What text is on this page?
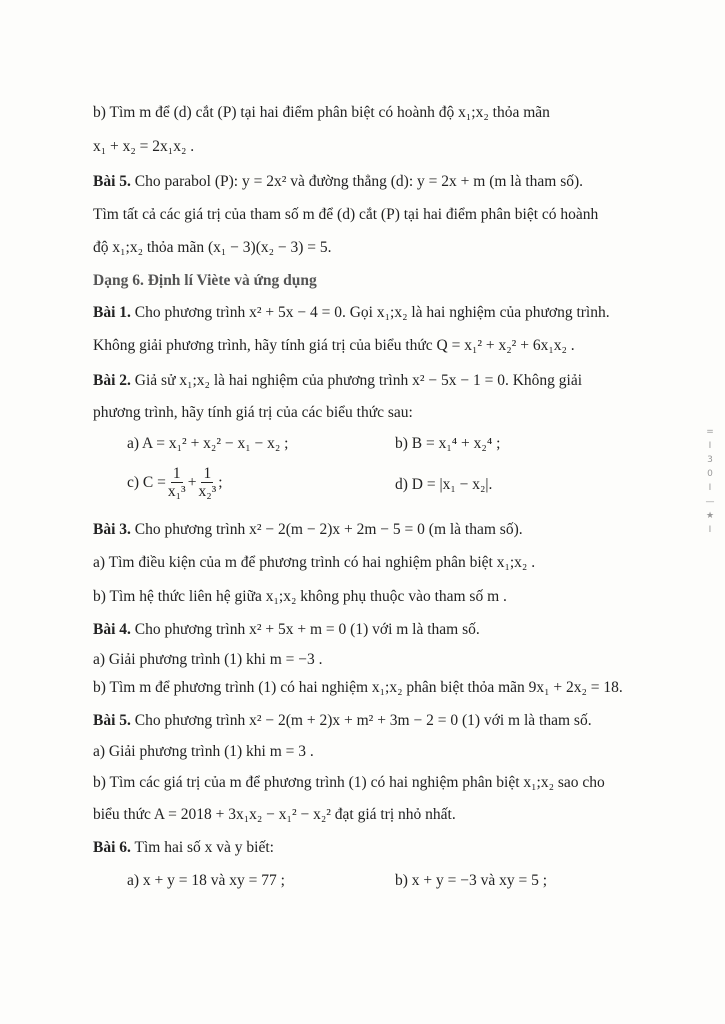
b) Tìm m để (d) cắt (P) tại hai điểm phân biệt có hoành độ x₁;x₂ thỏa mãn
x₁ + x₂ = 2x₁x₂ .
Bài 5. Cho parabol (P): y = 2x² và đường thẳng (d): y = 2x + m (m là tham số).
Tìm tất cả các giá trị của tham số m để (d) cắt (P) tại hai điểm phân biệt có hoành
độ x₁;x₂ thỏa mãn (x₁ − 3)(x₂ − 3) = 5.
Dạng 6. Định lí Viète và ứng dụng
Bài 1. Cho phương trình x² + 5x − 4 = 0. Gọi x₁;x₂ là hai nghiệm của phương trình.
Không giải phương trình, hãy tính giá trị của biểu thức Q = x₁² + x₂² + 6x₁x₂ .
Bài 2. Giả sử x₁;x₂ là hai nghiệm của phương trình x² − 5x − 1 = 0. Không giải
phương trình, hãy tính giá trị của các biểu thức sau:
a) A = x₁² + x₂² − x₁ − x₂ ;	b) B = x₁⁴ + x₂⁴ ;
c) $C = \frac{1}{\text{x₁³}} + \frac{1}{\text{x₂³}}$ ;	d) D = |x₁ − x₂|.
Bài 3. Cho phương trình x² − 2(m − 2)x + 2m − 5 = 0 (m là tham số).
a) Tìm điều kiện của m để phương trình có hai nghiệm phân biệt x₁;x₂ .
b) Tìm hệ thức liên hệ giữa x₁;x₂ không phụ thuộc vào tham số m .
Bài 4. Cho phương trình x² + 5x + m = 0 (1) với m là tham số.
a) Giải phương trình (1) khi m = −3 .
b) Tìm m để phương trình (1) có hai nghiệm x₁;x₂ phân biệt thỏa mãn 9x₁ + 2x₂ = 18.
Bài 5. Cho phương trình x² − 2(m + 2)x + m² + 3m − 2 = 0 (1) với m là tham số.
a) Giải phương trình (1) khi m = 3 .
b) Tìm các giá trị của m để phương trình (1) có hai nghiệm phân biệt x₁;x₂ sao cho
biểu thức A = 2018 + 3x₁x₂ − x₁² − x₂² đạt giá trị nhỏ nhất.
Bài 6. Tìm hai số x và y biết:
a) x + y = 18 và xy = 77 ;	b) x + y = −3 và xy = 5 ;
=
I
3
0
I
—
★
I
